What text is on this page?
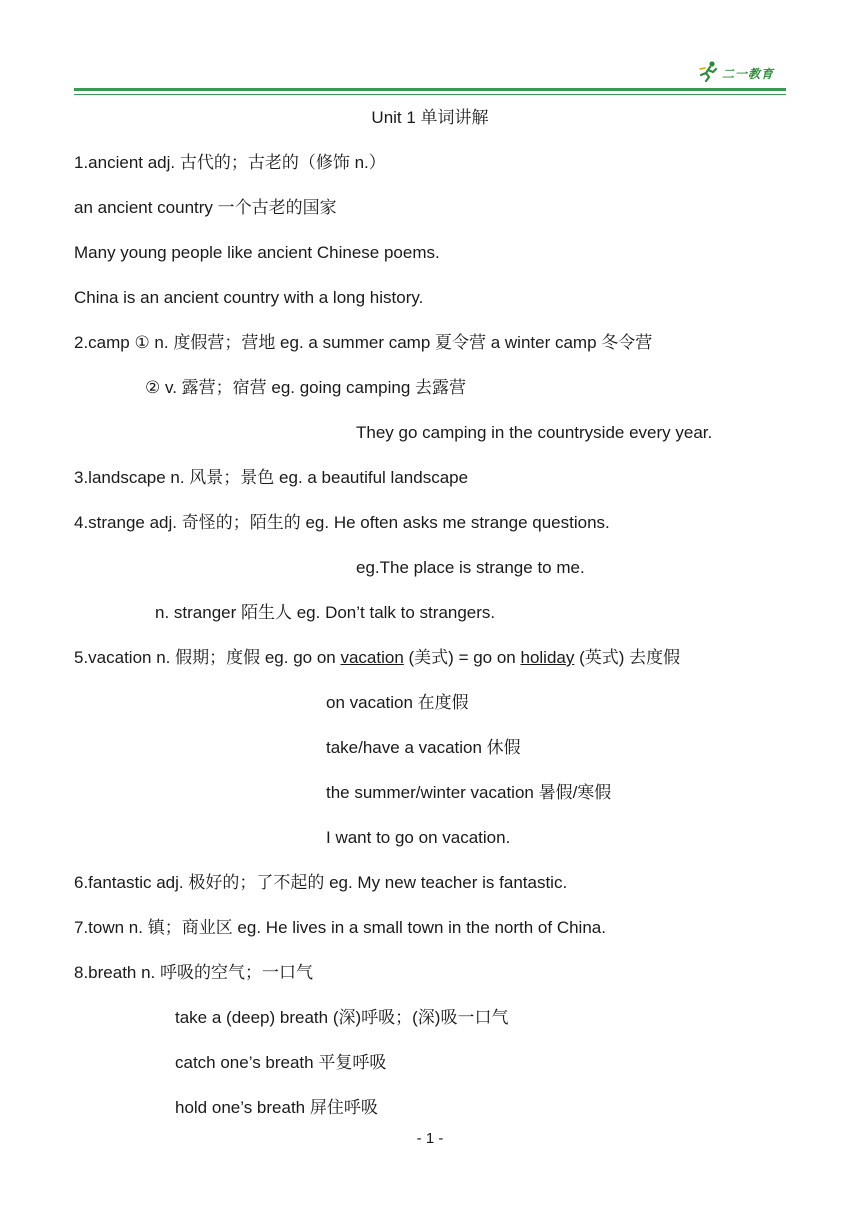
二一教育
Unit 1 单词讲解
1.ancient adj. 古代的；古老的（修饰 n.）
an ancient country 一个古老的国家
Many young people like ancient Chinese poems.
China is an ancient country with a long history.
2.camp ① n. 度假营；营地 eg. a summer camp 夏令营 a winter camp 冬令营
② v. 露营；宿营 eg. going camping 去露营
They go camping in the countryside every year.
3.landscape n. 风景；景色 eg. a beautiful landscape
4.strange adj. 奇怪的；陌生的 eg. He often asks me strange questions.
eg.The place is strange to me.
n. stranger 陌生人 eg. Don’t talk to strangers.
5.vacation n. 假期；度假 eg. go on vacation (美式) = go on holiday (英式) 去度假
on vacation 在度假
take/have a vacation 休假
the summer/winter vacation 暑假/寒假
I want to go on vacation.
6.fantastic adj. 极好的；了不起的 eg. My new teacher is fantastic.
7.town n. 镇；商业区 eg. He lives in a small town in the north of China.
8.breath n. 呼吸的空气；一口气
take a (deep) breath (深)呼吸；(深)吸一口气
catch one’s breath 平复呼吸
hold one’s breath 屏住呼吸
- 1 -
